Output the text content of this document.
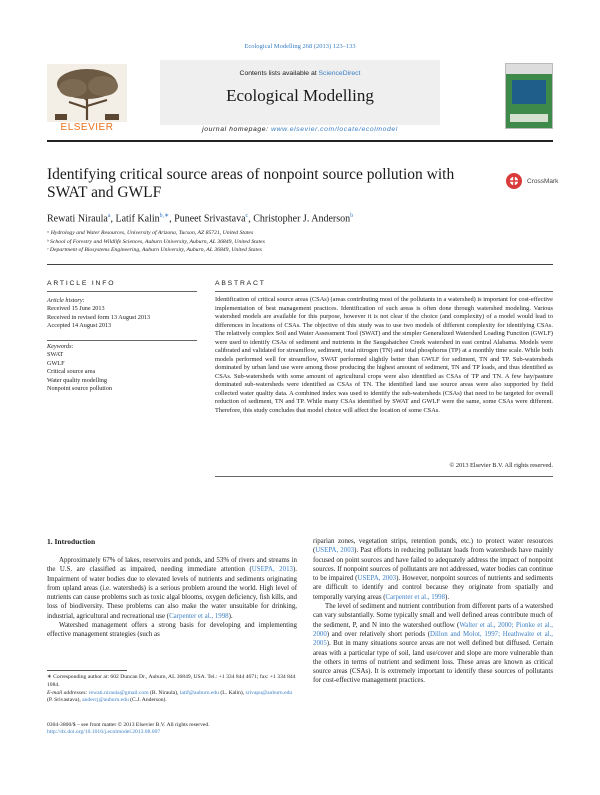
Ecological Modelling 268 (2013) 123–133
ELSEVIER
Contents lists available at ScienceDirect
Ecological Modelling
journal homepage: www.elsevier.com/locate/ecolmodel
Identifying critical source areas of nonpoint source pollution with SWAT and GWLF
CrossMark
Rewati Niraula$^a$, Latif Kalin$^{b,∗}$, Puneet Srivastava$^c$, Christopher J. Anderson$^b$
ᵃ Hydrology and Water Resources, University of Arizona, Tucson, AZ 85721, United States
ᵇ School of Forestry and Wildlife Sciences, Auburn University, Auburn, AL 36849, United States
ᶜ Department of Biosystems Engineering, Auburn University, Auburn, AL 36849, United States
ARTICLE INFO
Article history:
Received 15 June 2013
Received in revised form 13 August 2013
Accepted 14 August 2013
Keywords:
SWAT
GWLF
Critical source area
Water quality modelling
Nonpoint source pollution
ABSTRACT
Identification of critical source areas (CSAs) (areas contributing most of the pollutants in a watershed) is important for cost-effective implementation of best management practices. Identification of such areas is often done through watershed modeling. Various watershed models are available for this purpose, however it is not clear if the choice (and complexity) of a model would lead to differences in locations of CSAs. The objective of this study was to use two models of different complexity for identifying CSAs. The relatively complex Soil and Water Assessment Tool (SWAT) and the simpler Generalized Watershed Loading Function (GWLF) were used to identify CSAs of sediment and nutrients in the Saugahatchee Creek watershed in east central Alabama. Models were calibrated and validated for streamflow, sediment, total nitrogen (TN) and total phosphorus (TP) at a monthly time scale. While both models performed well for streamflow, SWAT performed slightly better than GWLF for sediment, TN and TP. Sub-watersheds dominated by urban land use were among those producing the highest amount of sediment, TN and TP loads, and thus identified as CSAs. Sub-watersheds with some amount of agricultural crops were also identified as CSAs of TP and TN. A few hay/pasture dominated sub-watersheds were identified as CSAs of TN. The identified land use source areas were also supported by field collected water quality data. A combined index was used to identify the sub-watersheds (CSAs) that need to be targeted for overall reduction of sediment, TN and TP. While many CSAs identified by SWAT and GWLF were the same, some CSAs were different. Therefore, this study concludes that model choice will affect the location of some CSAs.
© 2013 Elsevier B.V. All rights reserved.
1. Introduction

Approximately 67% of lakes, reservoirs and ponds, and 53% of rivers and streams in the U.S. are classified as impaired, needing immediate attention (USEPA, 2013). Impairment of water bodies due to elevated levels of nutrients and sediments originating from upland areas (i.e. watersheds) is a serious problem around the world. High level of nutrients can cause problems such as toxic algal blooms, oxygen deficiency, fish kills, and loss of biodiversity. These problems can also make the water unsuitable for drinking, industrial, agricultural and recreational use (Carpenter et al., 1998).

Watershed management offers a strong basis for developing and implementing effective management strategies (such as

riparian zones, vegetation strips, retention ponds, etc.) to protect water resources (USEPA, 2003). Past efforts in reducing pollutant loads from watersheds have mainly focused on point sources and have failed to adequately address the impact of nonpoint sources. If nonpoint sources of pollutants are not addressed, water bodies can continue to be impaired (USEPA, 2003). However, nonpoint sources of nutrients and sediments are difficult to identify and control because they originate from spatially and temporally varying areas (Carpenter et al., 1998).

The level of sediment and nutrient contribution from different parts of a watershed can vary substantially. Some typically small and well defined areas contribute much of the sediment, P, and N into the watershed outflow (Walter et al., 2000; Pionke et al., 2000) and over relatively short periods (Dillon and Molot, 1997; Heathwaite et al., 2005). But in many situations source areas are not well defined but diffused. Certain areas with a particular type of soil, land use/cover and slope are more vulnerable than the others in terms of nutrient and sediment loss. These areas are known as critical source areas (CSAs). It is extremely important to identify these sources of pollutants for cost-effective management practices.

∗ Corresponding author at: 602 Duncan Dr., Auburn, AL 36849, USA. Tel.: +1 334 844 4671; fax: +1 334 844 1084.
E-mail addresses: rewati.niraula@gmail.com (R. Niraula), latif@auburn.edu (L. Kalin), srivapu@auburn.edu (P. Srivastava), andercj@auburn.edu (C.J. Anderson).
0304-3800/$ – see front matter © 2013 Elsevier B.V. All rights reserved.
http://dx.doi.org/10.1016/j.ecolmodel.2013.08.007
